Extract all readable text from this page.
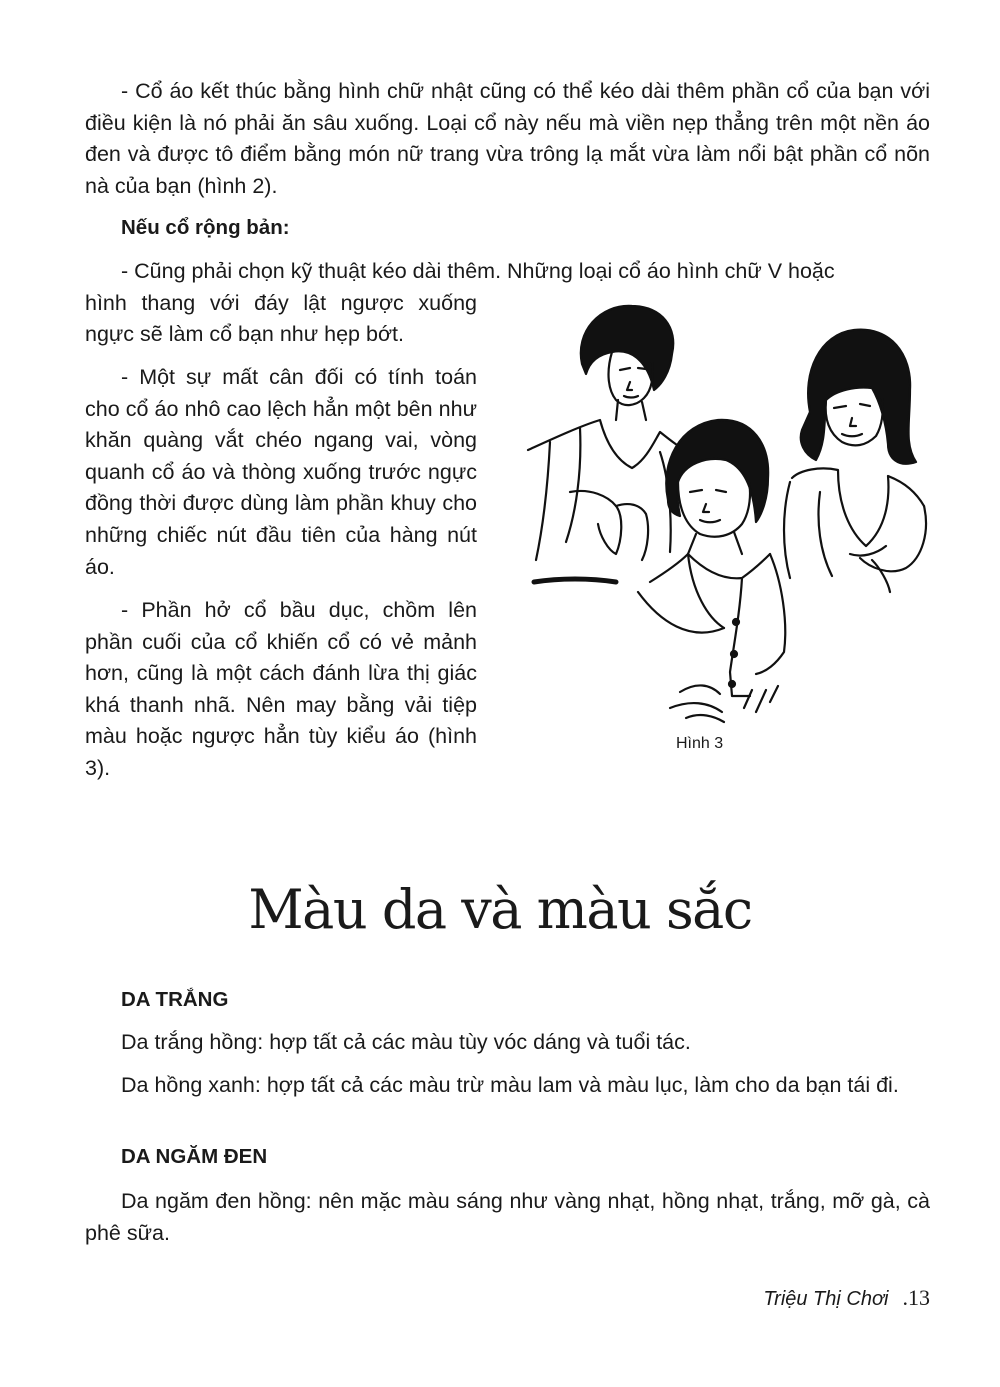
- Cổ áo kết thúc bằng hình chữ nhật cũng có thể kéo dài thêm phần cổ của bạn với điều kiện là nó phải ăn sâu xuống. Loại cổ này nếu mà viền nẹp thẳng trên một nền áo đen và được tô điểm bằng món nữ trang vừa trông lạ mắt vừa làm nổi bật phần cổ nõn nà của bạn (hình 2).

Nếu cổ rộng bản:

- Cũng phải chọn kỹ thuật kéo dài thêm. Những loại cổ áo hình chữ V hoặc
hình thang với đáy lật ngược xuống ngực sẽ làm cổ bạn như hẹp bớt.

- Một sự mất cân đối có tính toán cho cổ áo nhô cao lệch hẳn một bên như khăn quàng vắt chéo ngang vai, vòng quanh cổ áo và thòng xuống trước ngực đồng thời được dùng làm phần khuy cho những chiếc nút đầu tiên của hàng nút áo.

- Phần hở cổ bầu dục, chồm lên phần cuối của cổ khiến cổ có vẻ mảnh hơn, cũng là một cách đánh lừa thị giác khá thanh nhã. Nên may bằng vải tiệp màu hoặc ngược hẳn tùy kiểu áo (hình 3).

Hình 3
Màu da và màu sắc

DA TRẮNG

Da trắng hồng: hợp tất cả các màu tùy vóc dáng và tuổi tác.

Da hồng xanh: hợp tất cả các màu trừ màu lam và màu lục, làm cho da bạn tái đi.

DA NGĂM ĐEN

Da ngăm đen hồng: nên mặc màu sáng như vàng nhạt, hồng nhạt, trắng, mỡ gà, cà phê sữa.

Triệu Thị Chơi .13
